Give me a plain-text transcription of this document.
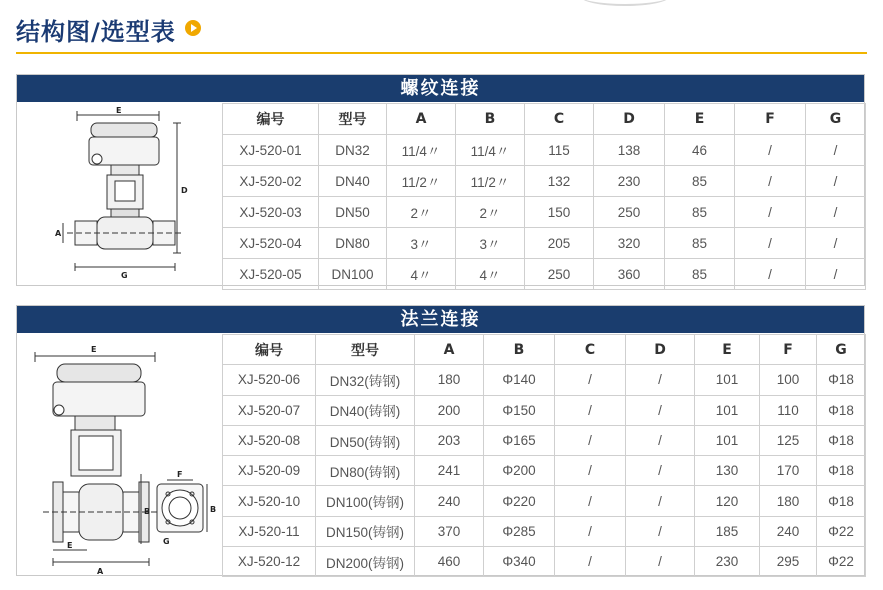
结构图/选型表
螺纹连接
E
D
A
G
编号	型号	A	B	C	D	E	F	G
XJ-520-01	DN32	11/4〃	11/4〃	115	138	46	/	/
XJ-520-02	DN40	11/2〃	11/2〃	132	230	85	/	/
XJ-520-03	DN50	2〃	2〃	150	250	85	/	/
XJ-520-04	DN80	3〃	3〃	205	320	85	/	/
XJ-520-05	DN100	4〃	4〃	250	360	85	/	/
法兰连接
E
B
E
A
F
B
G
编号	型号	A	B	C	D	E	F	G
XJ-520-06	DN32(铸钢)	180	Φ140	/	/	101	100	Φ18
XJ-520-07	DN40(铸钢)	200	Φ150	/	/	101	110	Φ18
XJ-520-08	DN50(铸钢)	203	Φ165	/	/	101	125	Φ18
XJ-520-09	DN80(铸钢)	241	Φ200	/	/	130	170	Φ18
XJ-520-10	DN100(铸钢)	240	Φ220	/	/	120	180	Φ18
XJ-520-11	DN150(铸钢)	370	Φ285	/	/	185	240	Φ22
XJ-520-12	DN200(铸钢)	460	Φ340	/	/	230	295	Φ22
